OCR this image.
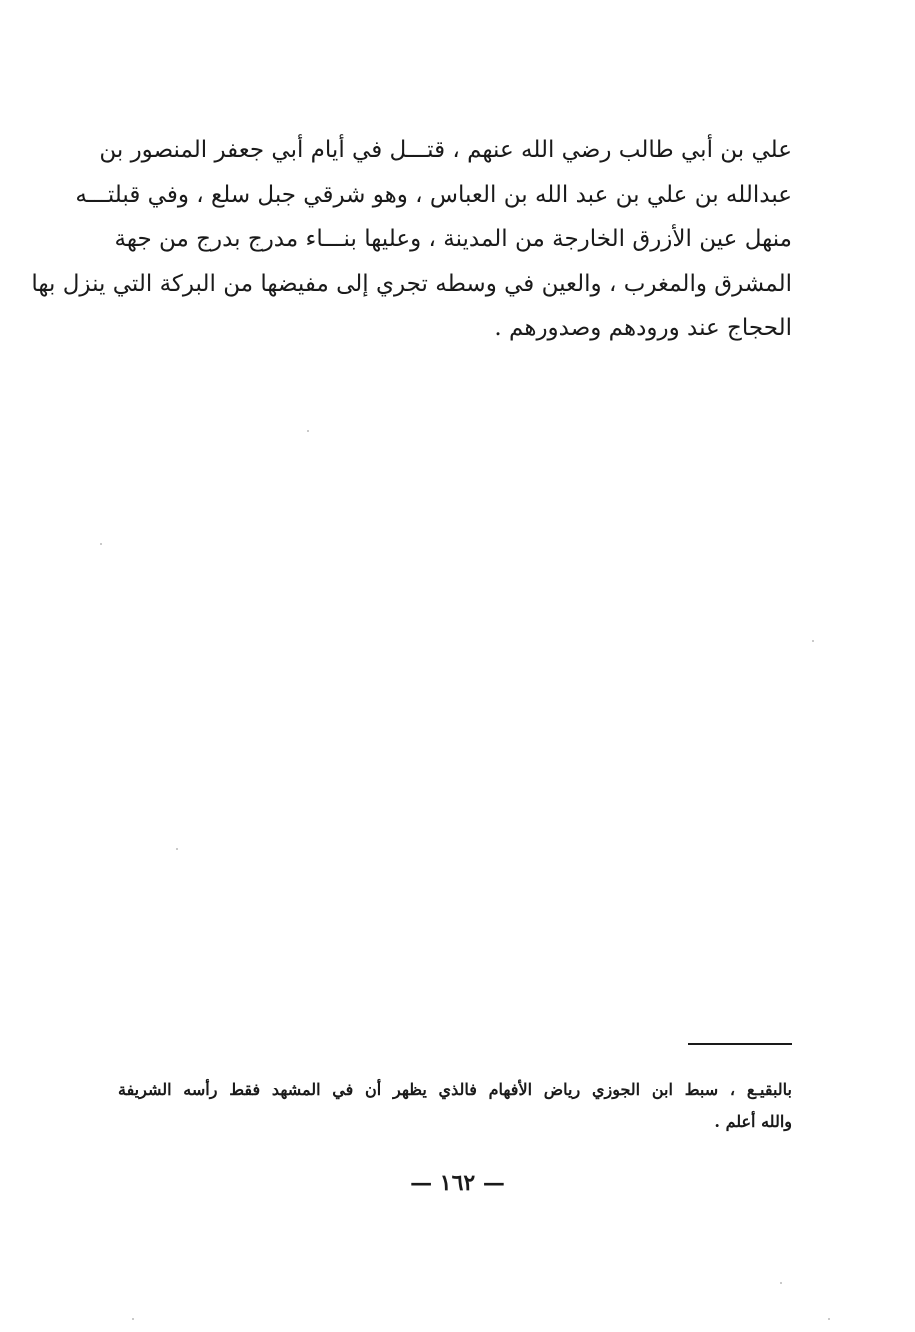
علي بن أبي طالب رضي الله عنهم ، قتـــل في أيام أبي جعفر المنصور بن
عبدالله بن علي بن عبد الله بن العباس ، وهو شرقي جبل سلع ، وفي قبلتـــه
منهل عين الأزرق الخارجة من المدينة ، وعليها بنـــاء مدرج بدرج من جهة
المشرق والمغرب ، والعين في وسطه تجري إلى مفيضها من البركة التي ينزل بها
الحجاج عند ورودهم وصدورهم .
بالبقيـع ، سبط ابن الجوزي رياض الأفهام فالذي يظهر أن في المشهد فقط رأسه الشريفة
والله أعلم .
— ١٦٢ —
